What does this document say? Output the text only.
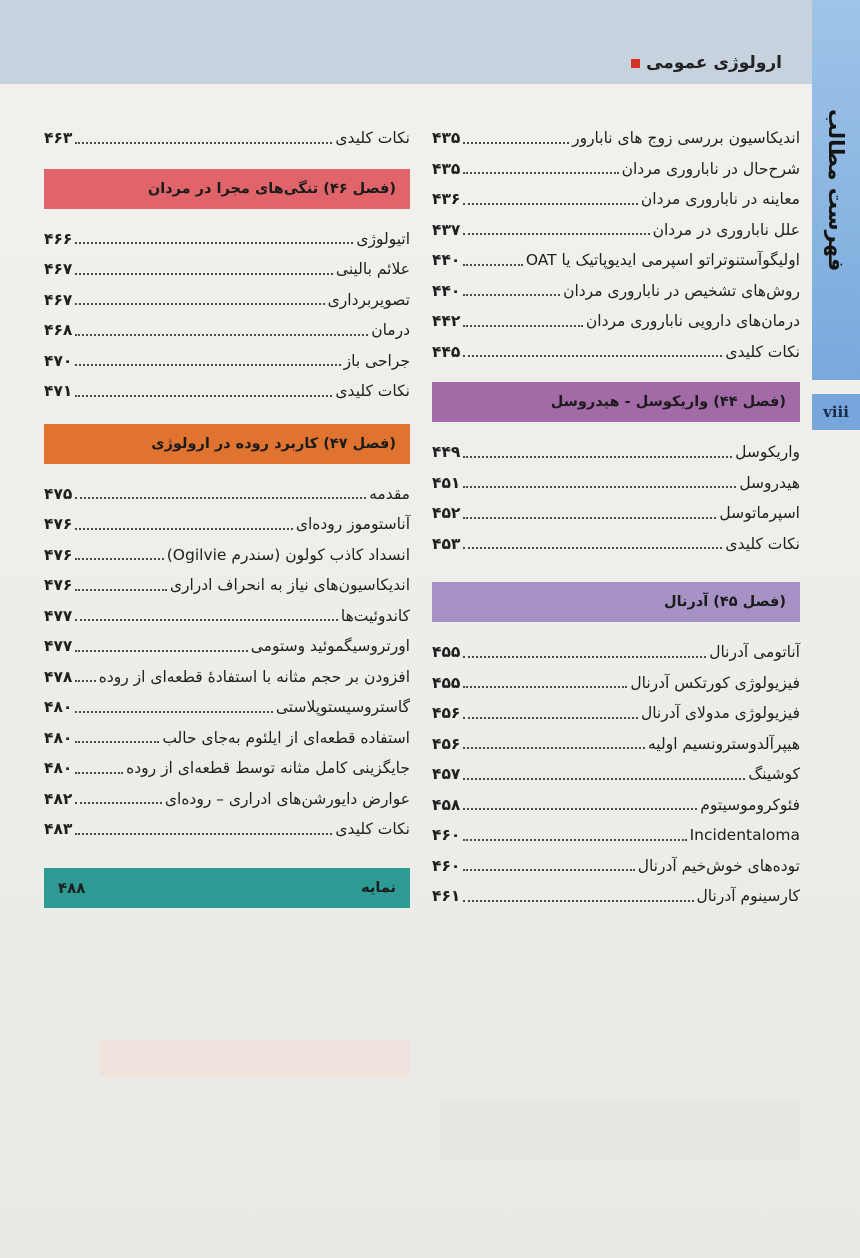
ارولوژی عمومی
فهرست مطالب
viii
اندیکاسیون بررسی زوج های نابارور
۴۳۵
شرح‌حال در ناباروری مردان
۴۳۵
معاینه در ناباروری مردان
۴۳۶
علل ناباروری در مردان
۴۳۷
اولیگوآستنوتراتو اسپرمی ایدیوپاتیک یا OAT
۴۴۰
روش‌های تشخیص در ناباروری مردان
۴۴۰
درمان‌های دارویی ناباروری مردان
۴۴۲
نکات کلیدی
۴۴۵
(فصل ۴۴) واریکوسل - هیدروسل
واریکوسل
۴۴۹
هیدروسل
۴۵۱
اسپرماتوسل
۴۵۲
نکات کلیدی
۴۵۳
(فصل ۴۵) آدرنال
آناتومی آدرنال
۴۵۵
فیزیولوژی کورتکس آدرنال
۴۵۵
فیزیولوژی مدولای آدرنال
۴۵۶
هیپرآلدوسترونسیم اولیه
۴۵۶
کوشینگ
۴۵۷
فئوکروموسیتوم
۴۵۸
Incidentaloma
۴۶۰
توده‌های خوش‌خیم آدرنال
۴۶۰
کارسینوم آدرنال
۴۶۱
نکات کلیدی
۴۶۳
(فصل ۴۶) تنگی‌های مجرا در مردان
اتیولوژی
۴۶۶
علائم بالینی
۴۶۷
تصویربرداری
۴۶۷
درمان
۴۶۸
جراحی باز
۴۷۰
نکات کلیدی
۴۷۱
(فصل ۴۷) کاربرد روده در ارولوژی
مقدمه
۴۷۵
آناستوموز روده‌ای
۴۷۶
انسداد کاذب کولون (سندرم Ogilvie)
۴۷۶
اندیکاسیون‌های نیاز به انحراف ادراری
۴۷۶
کاندوئیت‌ها
۴۷۷
اورتروسیگموئید وستومی
۴۷۷
افزودن بر حجم مثانه با استفادهٔ قطعه‌ای از روده
۴۷۸
گاستروسیستوپلاستی
۴۸۰
استفاده قطعه‌ای از ایلئوم به‌جای حالب
۴۸۰
جایگزینی کامل مثانه توسط قطعه‌ای از روده
۴۸۰
عوارض دایورشن‌های ادراری – روده‌ای
۴۸۲
نکات کلیدی
۴۸۳
نمایه
۴۸۸
